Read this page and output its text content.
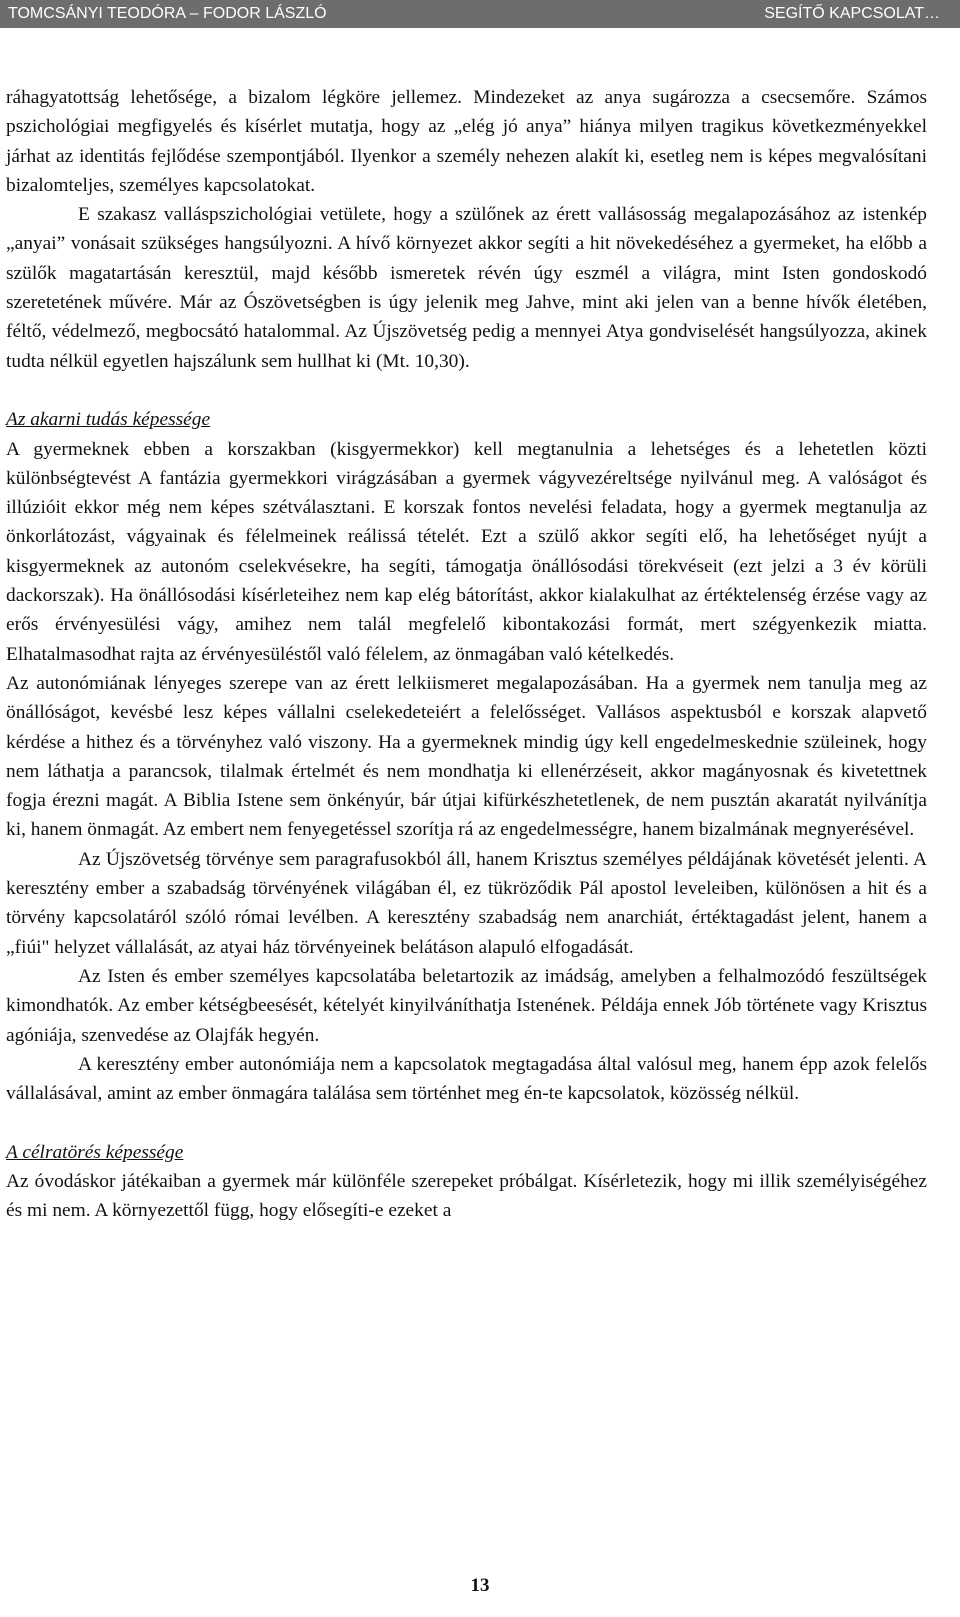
TOMCSÁNYI TEODÓRA – FODOR LÁSZLÓ	SEGÍTŐ KAPCSOLAT…

ráhagyatottság lehetősége, a bizalom légköre jellemez. Mindezeket az anya sugározza a csecsemőre. Számos pszichológiai megfigyelés és kísérlet mutatja, hogy az „elég jó anya” hiánya milyen tragikus következményekkel járhat az identitás fejlődése szempontjából. Ilyenkor a személy nehezen alakít ki, esetleg nem is képes megvalósítani bizalomteljes, személyes kapcsolatokat.

E szakasz valláspszichológiai vetülete, hogy a szülőnek az érett vallásosság megalapozásához az istenkép „anyai” vonásait szükséges hangsúlyozni. A hívő környezet akkor segíti a hit növekedéséhez a gyermeket, ha előbb a szülők magatartásán keresztül, majd később ismeretek révén úgy eszmél a világra, mint Isten gondoskodó szeretetének művére. Már az Ószövetségben is úgy jelenik meg Jahve, mint aki jelen van a benne hívők életében, féltő, védelmező, megbocsátó hatalommal. Az Újszövetség pedig a mennyei Atya gondviselését hangsúlyozza, akinek tudta nélkül egyetlen hajszálunk sem hullhat ki (Mt. 10,30).

Az akarni tudás képessége

A gyermeknek ebben a korszakban (kisgyermekkor) kell megtanulnia a lehetséges és a lehetetlen közti különbségtevést A fantázia gyermekkori virágzásában a gyermek vágyvezéreltsége nyilvánul meg. A valóságot és illúzióit ekkor még nem képes szétválasztani. E korszak fontos nevelési feladata, hogy a gyermek megtanulja az önkorlátozást, vágyainak és félelmeinek reálissá tételét. Ezt a szülő akkor segíti elő, ha lehetőséget nyújt a kisgyermeknek az autonóm cselekvésekre, ha segíti, támogatja önállósodási törekvéseit (ezt jelzi a 3 év körüli dackorszak). Ha önállósodási kísérleteihez nem kap elég bátorítást, akkor kialakulhat az értéktelenség érzése vagy az erős érvényesülési vágy, amihez nem talál megfelelő kibontakozási formát, mert szégyenkezik miatta. Elhatalmasodhat rajta az érvényesüléstől való félelem, az önmagában való kételkedés.

Az autonómiának lényeges szerepe van az érett lelkiismeret megalapozásában. Ha a gyermek nem tanulja meg az önállóságot, kevésbé lesz képes vállalni cselekedeteiért a felelősséget. Vallásos aspektusból e korszak alapvető kérdése a hithez és a törvényhez való viszony. Ha a gyermeknek mindig úgy kell engedelmeskednie szüleinek, hogy nem láthatja a parancsok, tilalmak értelmét és nem mondhatja ki ellenérzéseit, akkor magányosnak és kivetettnek fogja érezni magát. A Biblia Istene sem önkényúr, bár útjai kifürkészhetetlenek, de nem pusztán akaratát nyilvánítja ki, hanem önmagát. Az embert nem fenyegetéssel szorítja rá az engedelmességre, hanem bizalmának megnyerésével.

Az Újszövetség törvénye sem paragrafusokból áll, hanem Krisztus személyes példájának követését jelenti. A keresztény ember a szabadság törvényének világában él, ez tükröződik Pál apostol leveleiben, különösen a hit és a törvény kapcsolatáról szóló római levélben. A keresztény szabadság nem anarchiát, értéktagadást jelent, hanem a „fiúi" helyzet vállalását, az atyai ház törvényeinek belátáson alapuló elfogadását.

Az Isten és ember személyes kapcsolatába beletartozik az imádság, amelyben a felhalmozódó feszültségek kimondhatók. Az ember kétségbeesését, kételyét kinyilváníthatja Istenének. Példája ennek Jób története vagy Krisztus agóniája, szenvedése az Olajfák hegyén.

A keresztény ember autonómiája nem a kapcsolatok megtagadása által valósul meg, hanem épp azok felelős vállalásával, amint az ember önmagára találása sem történhet meg én-te kapcsolatok, közösség nélkül.

A célratörés képessége

Az óvodáskor játékaiban a gyermek már különféle szerepeket próbálgat. Kísérletezik, hogy mi illik személyiségéhez és mi nem. A környezettől függ, hogy elősegíti-e ezeket a

13
